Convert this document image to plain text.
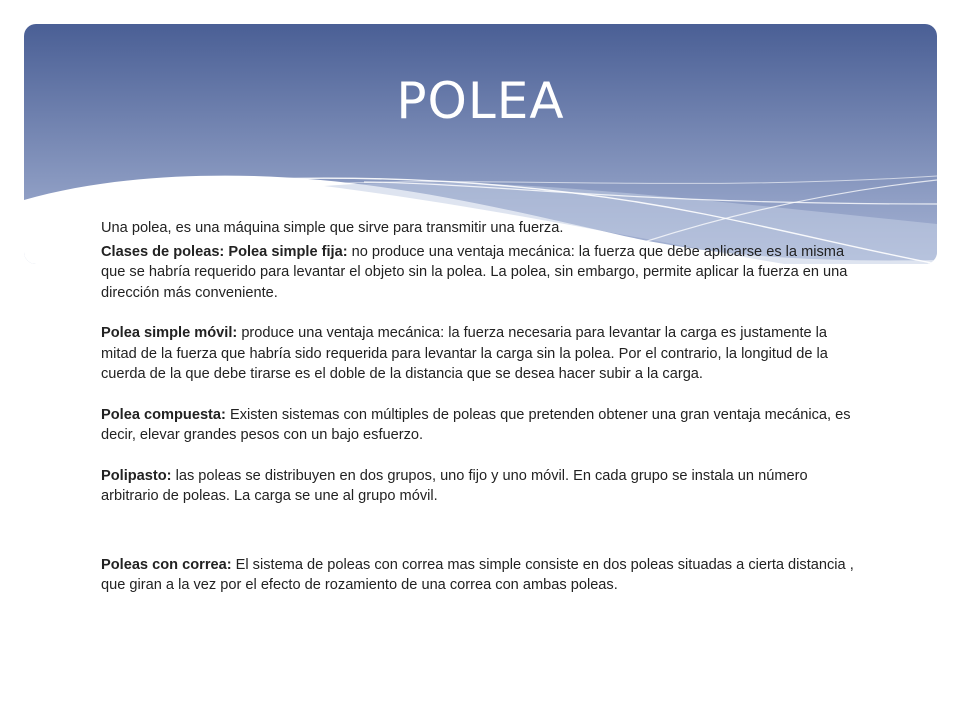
POLEA

Una polea, es una máquina simple que sirve para transmitir una fuerza.

Clases de poleas: Polea simple fija: no produce una ventaja mecánica: la fuerza que debe aplicarse es la misma que se habría requerido para levantar el objeto sin la polea. La polea, sin embargo, permite aplicar la fuerza en una dirección más conveniente.

Polea simple móvil: produce una ventaja mecánica: la fuerza necesaria para levantar la carga es justamente la mitad de la fuerza que habría sido requerida para levantar la carga sin la polea. Por el contrario, la longitud de la cuerda de la que debe tirarse es el doble de la distancia que se desea hacer subir a la carga.

Polea compuesta: Existen sistemas con múltiples de poleas que pretenden obtener una gran ventaja mecánica, es decir, elevar grandes pesos con un bajo esfuerzo.

Polipasto: las poleas se distribuyen en dos grupos, uno fijo y uno móvil. En cada grupo se instala un número arbitrario de poleas. La carga se une al grupo móvil.

Poleas con correa: El sistema de poleas con correa mas simple consiste en dos poleas situadas a cierta distancia , que giran a la vez por el efecto de rozamiento de una correa con ambas poleas.
